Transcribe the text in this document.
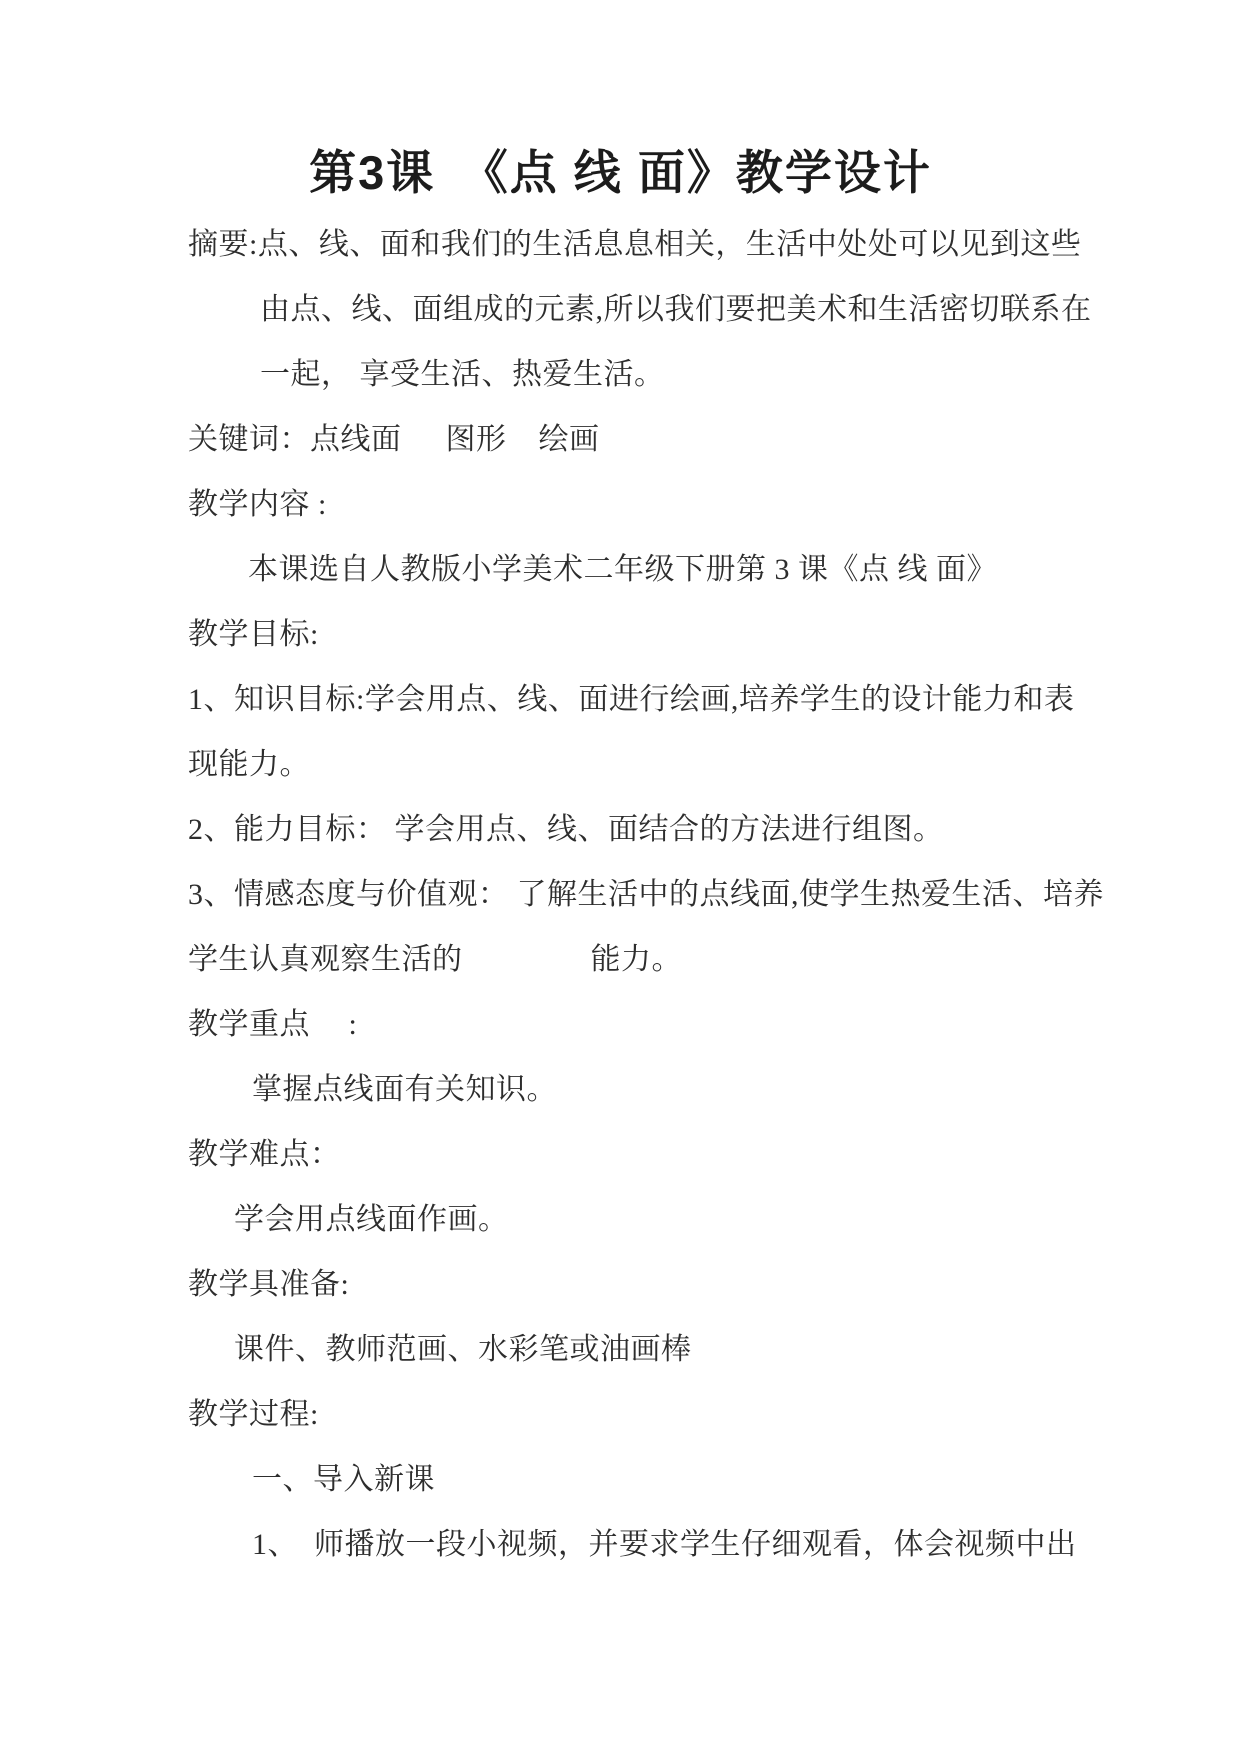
第3课　《点 线 面》教学设计
摘要:点、线、面和我们的生活息息相关，生活中处处可以见到这些
由点、线、面组成的元素,所以我们要把美术和生活密切联系在
一起， 享受生活、热爱生活。
关键词：点线面 图形 绘画
教学内容 :
本课选自人教版小学美术二年级下册第 3 课《点 线 面》
教学目标:
1、知识目标:学会用点、线、面进行绘画,培养学生的设计能力和表
现能力。
2、能力目标： 学会用点、线、面结合的方法进行组图。
3、情感态度与价值观： 了解生活中的点线面,使学生热爱生活、培养
学生认真观察生活的	能力。
教学重点　 :
掌握点线面有关知识。
教学难点：
学会用点线面作画。
教学具准备:
课件、教师范画、水彩笔或油画棒
教学过程:
一、导入新课
1、 师播放一段小视频，并要求学生仔细观看，体会视频中出
